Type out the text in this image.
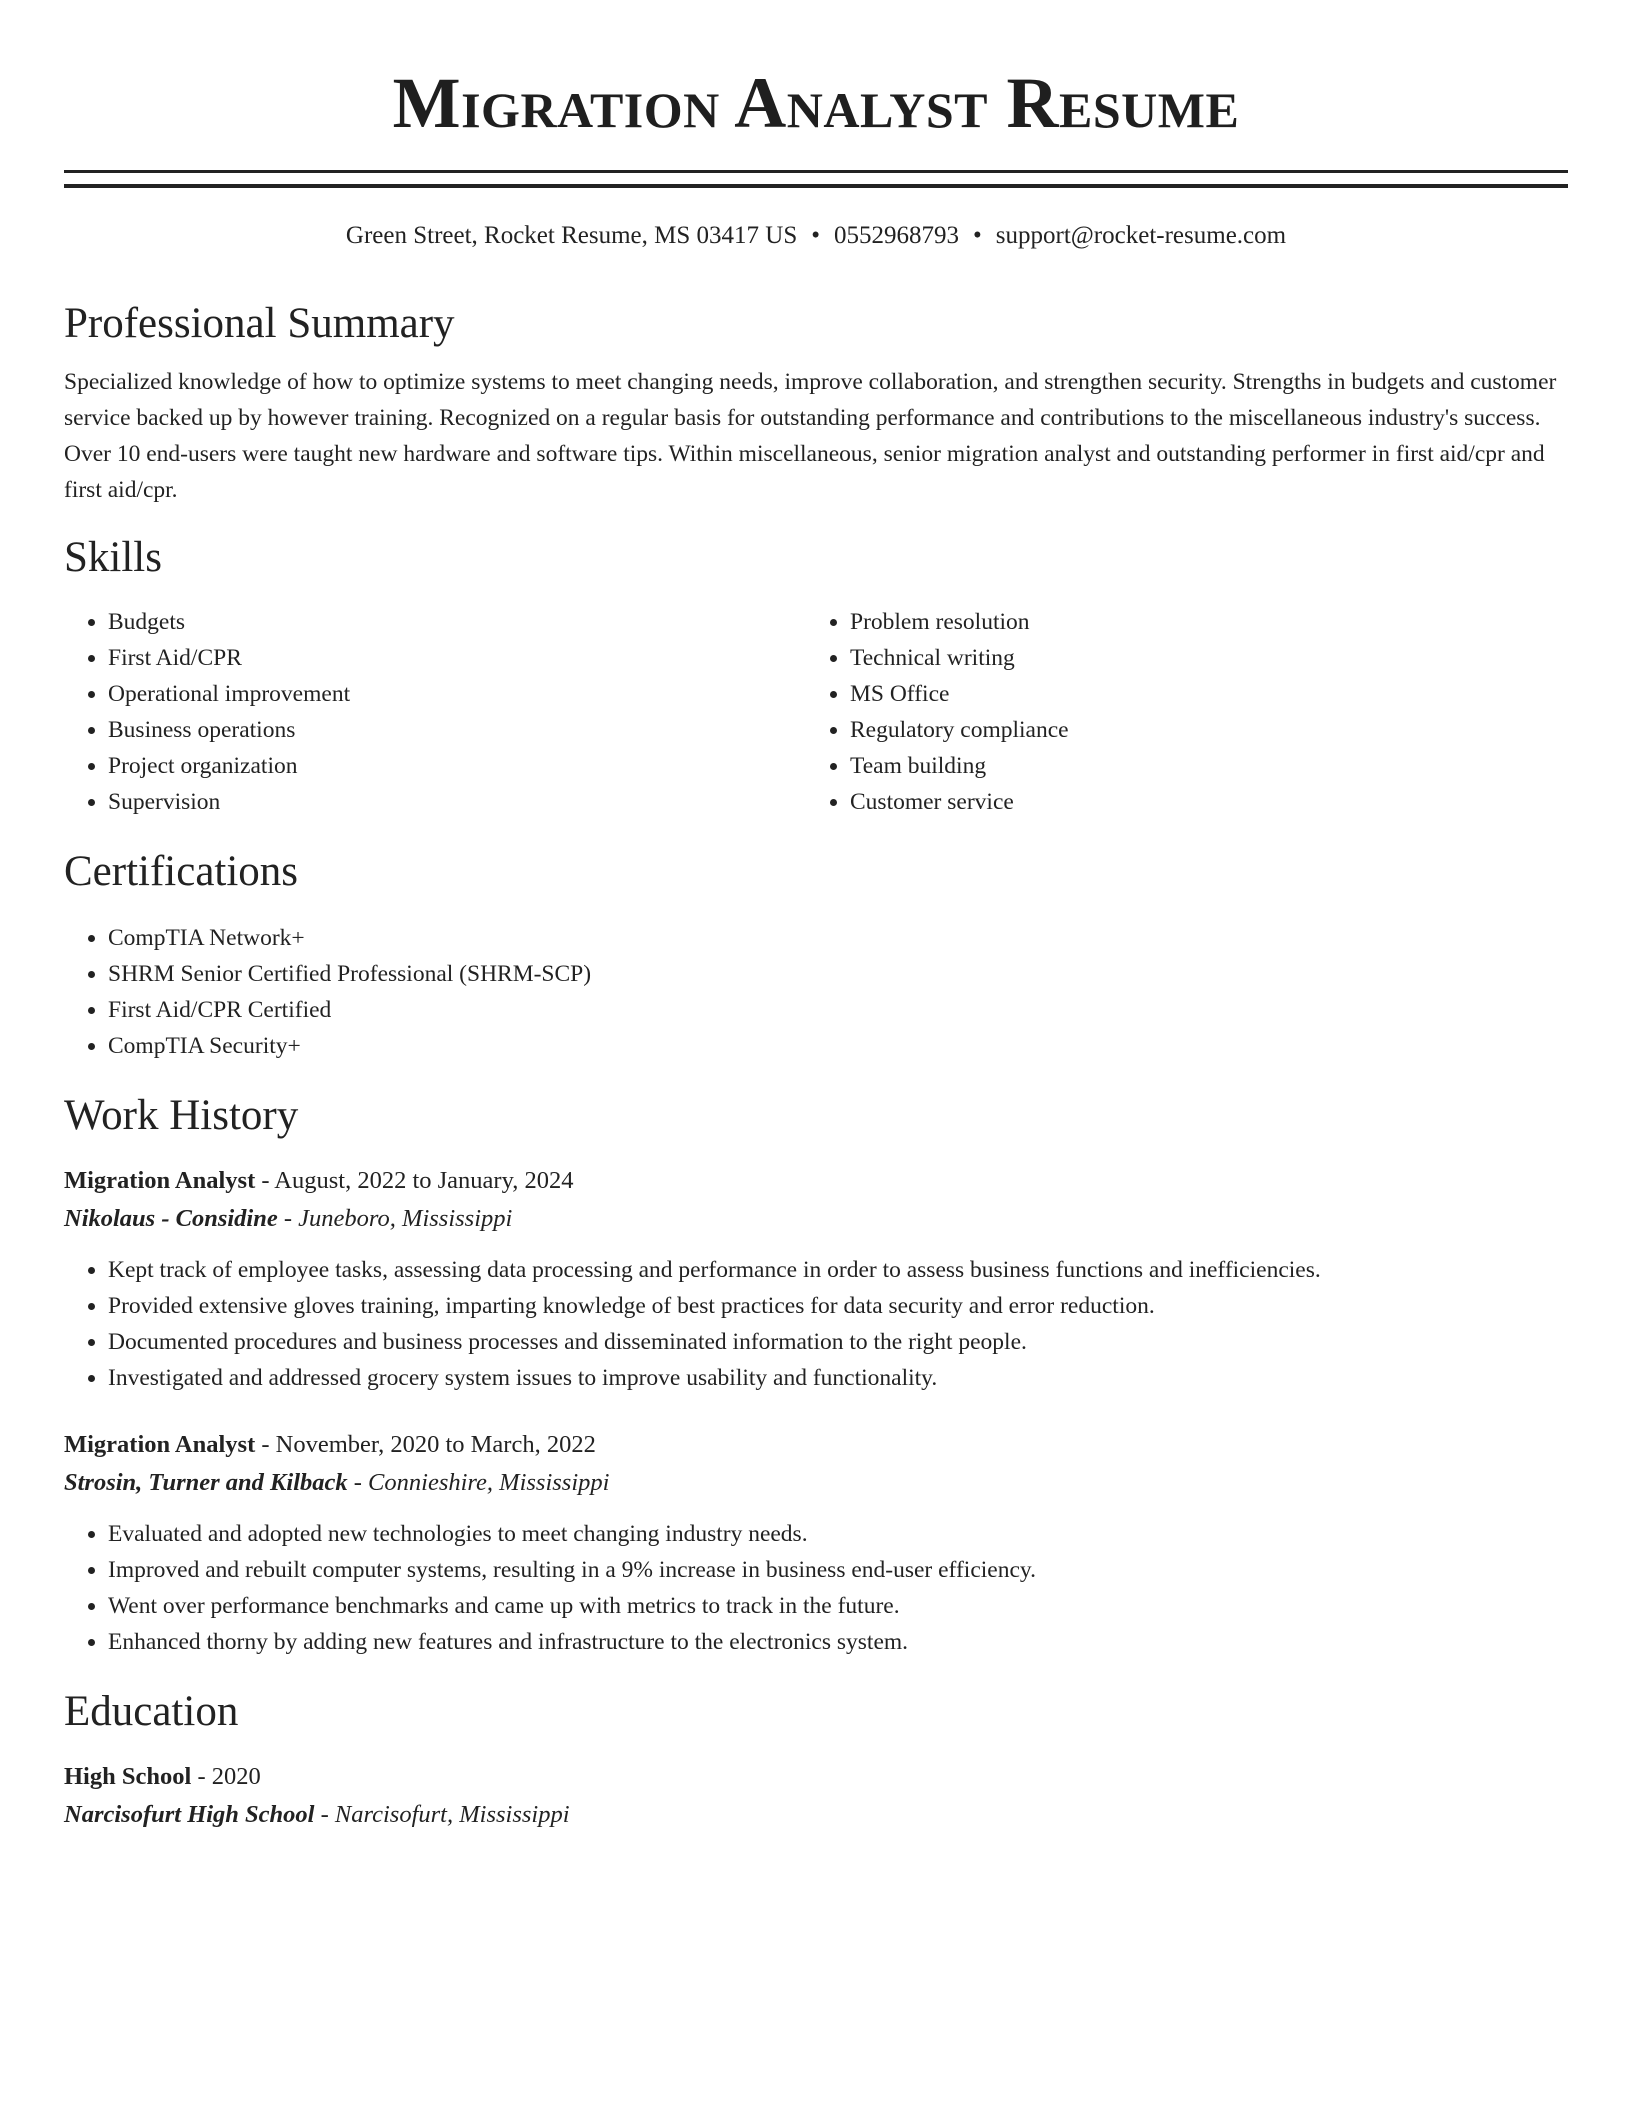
Migration Analyst Resume
Green Street, Rocket Resume, MS 03417 US • 0552968793 • support@rocket-resume.com
Professional Summary

Specialized knowledge of how to optimize systems to meet changing needs, improve collaboration, and strengthen security. Strengths in budgets and customer service backed up by however training. Recognized on a regular basis for outstanding performance and contributions to the miscellaneous industry's success. Over 10 end-users were taught new hardware and software tips. Within miscellaneous, senior migration analyst and outstanding performer in first aid/cpr and first aid/cpr.

Skills
• Budgets
• First Aid/CPR
• Operational improvement
• Business operations
• Project organization
• Supervision
• Problem resolution
• Technical writing
• MS Office
• Regulatory compliance
• Team building
• Customer service
Certifications
• CompTIA Network+
• SHRM Senior Certified Professional (SHRM-SCP)
• First Aid/CPR Certified
• CompTIA Security+
Work History
Migration Analyst - August, 2022 to January, 2024
Nikolaus - Considine - Juneboro, Mississippi
• Kept track of employee tasks, assessing data processing and performance in order to assess business functions and inefficiencies.
• Provided extensive gloves training, imparting knowledge of best practices for data security and error reduction.
• Documented procedures and business processes and disseminated information to the right people.
• Investigated and addressed grocery system issues to improve usability and functionality.
Migration Analyst - November, 2020 to March, 2022
Strosin, Turner and Kilback - Connieshire, Mississippi
• Evaluated and adopted new technologies to meet changing industry needs.
• Improved and rebuilt computer systems, resulting in a 9% increase in business end-user efficiency.
• Went over performance benchmarks and came up with metrics to track in the future.
• Enhanced thorny by adding new features and infrastructure to the electronics system.
Education
High School - 2020
Narcisofurt High School - Narcisofurt, Mississippi
